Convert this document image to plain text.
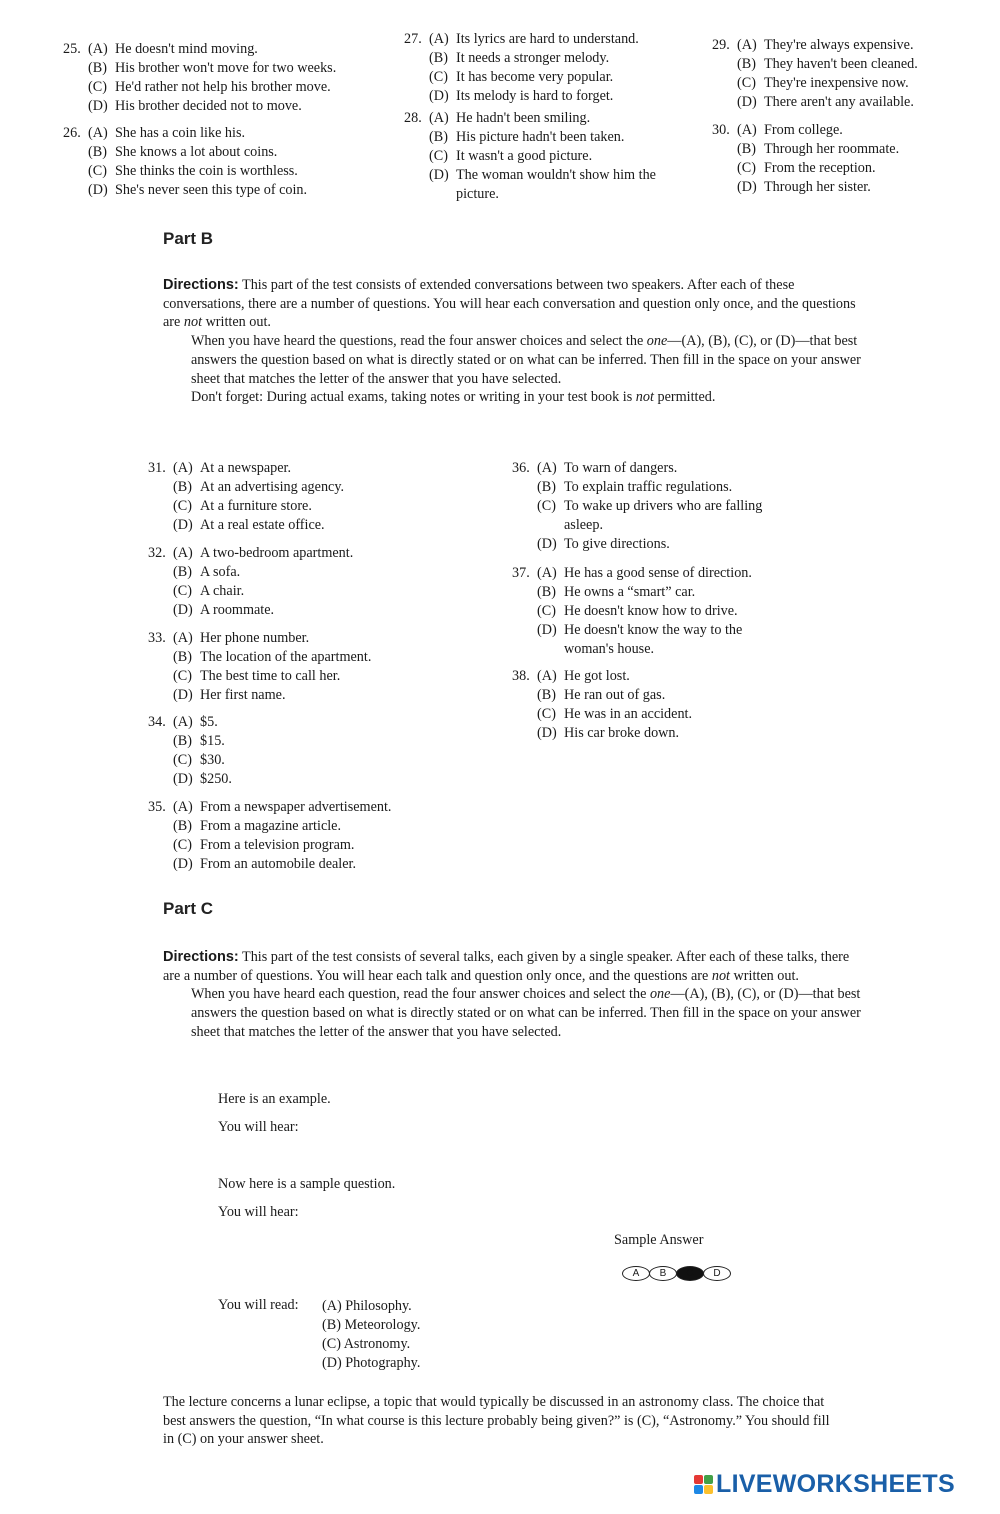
25. (A) He doesn't mind moving.
(B) His brother won't move for two weeks.
(C) He'd rather not help his brother move.
(D) His brother decided not to move.
26. (A) She has a coin like his.
(B) She knows a lot about coins.
(C) She thinks the coin is worthless.
(D) She's never seen this type of coin.
27. (A) Its lyrics are hard to understand.
(B) It needs a stronger melody.
(C) It has become very popular.
(D) Its melody is hard to forget.
28. (A) He hadn't been smiling.
(B) His picture hadn't been taken.
(C) It wasn't a good picture.
(D) The woman wouldn't show him the
picture.
29. (A) They're always expensive.
(B) They haven't been cleaned.
(C) They're inexpensive now.
(D) There aren't any available.
30. (A) From college.
(B) Through her roommate.
(C) From the reception.
(D) Through her sister.
Part B
Directions: This part of the test consists of extended conversations between two speakers. After each of these conversations, there are a number of questions. You will hear each conversation and question only once, and the questions are not written out.
When you have heard the questions, read the four answer choices and select the one—(A), (B), (C), or (D)—that best answers the question based on what is directly stated or on what can be inferred. Then fill in the space on your answer sheet that matches the letter of the answer that you have selected.
Don't forget: During actual exams, taking notes or writing in your test book is not permitted.
31. (A) At a newspaper.
(B) At an advertising agency.
(C) At a furniture store.
(D) At a real estate office.
32. (A) A two-bedroom apartment.
(B) A sofa.
(C) A chair.
(D) A roommate.
33. (A) Her phone number.
(B) The location of the apartment.
(C) The best time to call her.
(D) Her first name.
34. (A) $5.
(B) $15.
(C) $30.
(D) $250.
35. (A) From a newspaper advertisement.
(B) From a magazine article.
(C) From a television program.
(D) From an automobile dealer.
36. (A) To warn of dangers.
(B) To explain traffic regulations.
(C) To wake up drivers who are falling
asleep.
(D) To give directions.
37. (A) He has a good sense of direction.
(B) He owns a “smart” car.
(C) He doesn't know how to drive.
(D) He doesn't know the way to the
woman's house.
38. (A) He got lost.
(B) He ran out of gas.
(C) He was in an accident.
(D) His car broke down.
Part C
Directions: This part of the test consists of several talks, each given by a single speaker. After each of these talks, there are a number of questions. You will hear each talk and question only once, and the questions are not written out.
When you have heard each question, read the four answer choices and select the one—(A), (B), (C), or (D)—that best answers the question based on what is directly stated or on what can be inferred. Then fill in the space on your answer sheet that matches the letter of the answer that you have selected.
Here is an example.
You will hear:
Now here is a sample question.
You will hear:
Sample Answer
A	B	C	D
You will read: (A) Philosophy.
(B) Meteorology.
(C) Astronomy.
(D) Photography.
The lecture concerns a lunar eclipse, a topic that would typically be discussed in an astronomy class. The choice that best answers the question, “In what course is this lecture probably being given?” is (C), “Astronomy.” You should fill in (C) on your answer sheet.
LIVEWORKSHEETS
